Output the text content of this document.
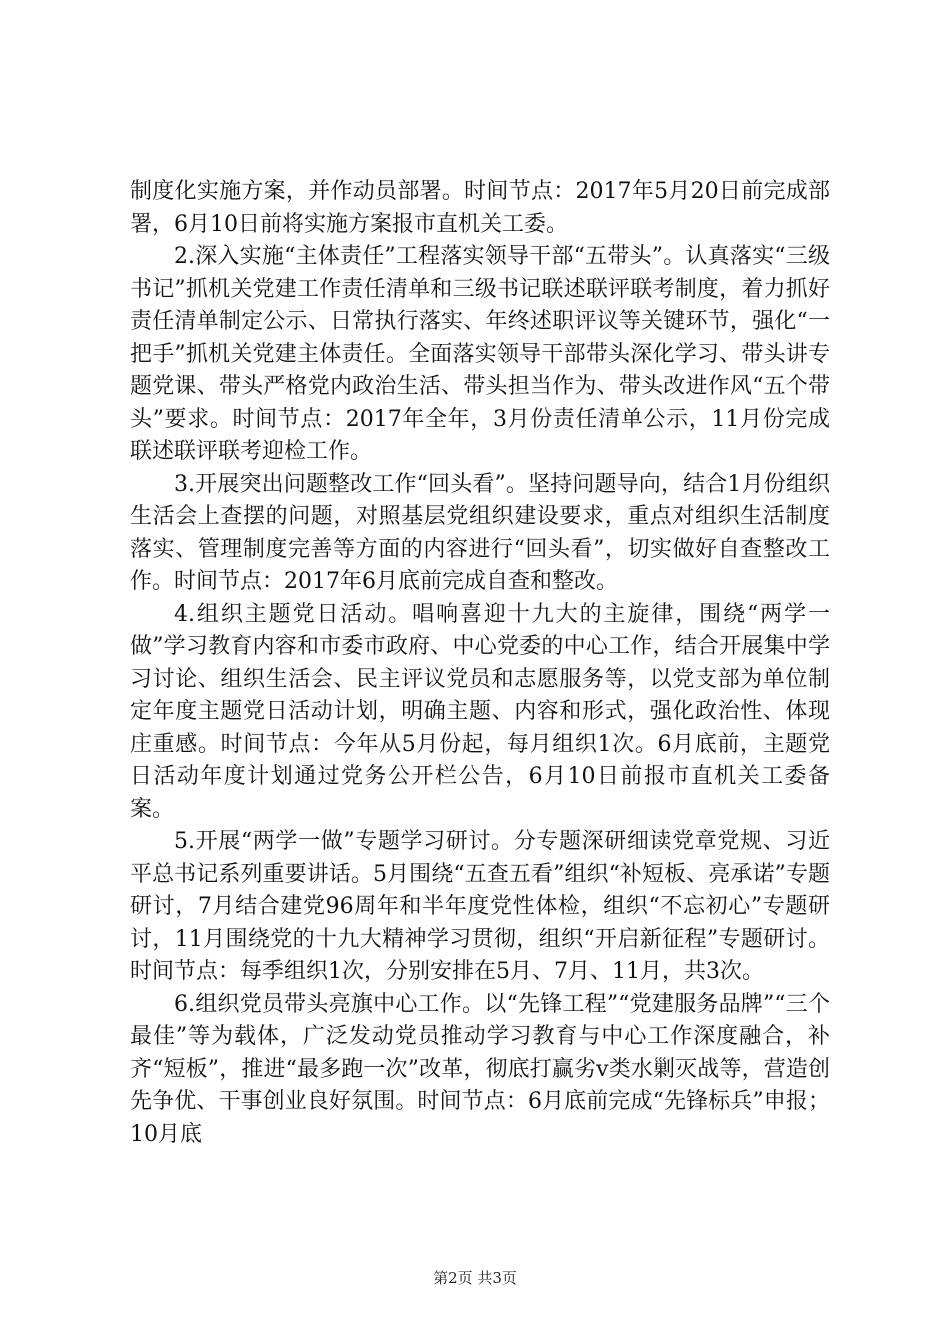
制度化实施方案，并作动员部署。时间节点：2017年5月20日前完成部署，6月10日前将实施方案报市直机关工委。

2.深入实施“主体责任”工程落实领导干部“五带头”。认真落实“三级书记”抓机关党建工作责任清单和三级书记联述联评联考制度，着力抓好责任清单制定公示、日常执行落实、年终述职评议等关键环节，强化“一把手”抓机关党建主体责任。全面落实领导干部带头深化学习、带头讲专题党课、带头严格党内政治生活、带头担当作为、带头改进作风“五个带头”要求。时间节点：2017年全年，3月份责任清单公示，11月份完成联述联评联考迎检工作。

3.开展突出问题整改工作“回头看”。坚持问题导向，结合1月份组织生活会上查摆的问题，对照基层党组织建设要求，重点对组织生活制度落实、管理制度完善等方面的内容进行“回头看”，切实做好自查整改工作。时间节点：2017年6月底前完成自查和整改。

4.组织主题党日活动。唱响喜迎十九大的主旋律，围绕“两学一做”学习教育内容和市委市政府、中心党委的中心工作，结合开展集中学习讨论、组织生活会、民主评议党员和志愿服务等，以党支部为单位制定年度主题党日活动计划，明确主题、内容和形式，强化政治性、体现庄重感。时间节点：今年从5月份起，每月组织1次。6月底前，主题党日活动年度计划通过党务公开栏公告，6月10日前报市直机关工委备案。

5.开展“两学一做”专题学习研讨。分专题深研细读党章党规、习近平总书记系列重要讲话。5月围绕“五查五看”组织“补短板、亮承诺”专题研讨，7月结合建党96周年和半年度党性体检，组织“不忘初心”专题研讨，11月围绕党的十九大精神学习贯彻，组织“开启新征程”专题研讨。时间节点：每季组织1次，分别安排在5月、7月、11月，共3次。

6.组织党员带头亮旗中心工作。以“先锋工程”“党建服务品牌”“三个最佳”等为载体，广泛发动党员推动学习教育与中心工作深度融合，补齐“短板”，推进“最多跑一次”改革，彻底打赢劣v类水剿灭战等，营造创先争优、干事创业良好氛围。时间节点：6月底前完成“先锋标兵”申报；10月底

第2页 共3页
